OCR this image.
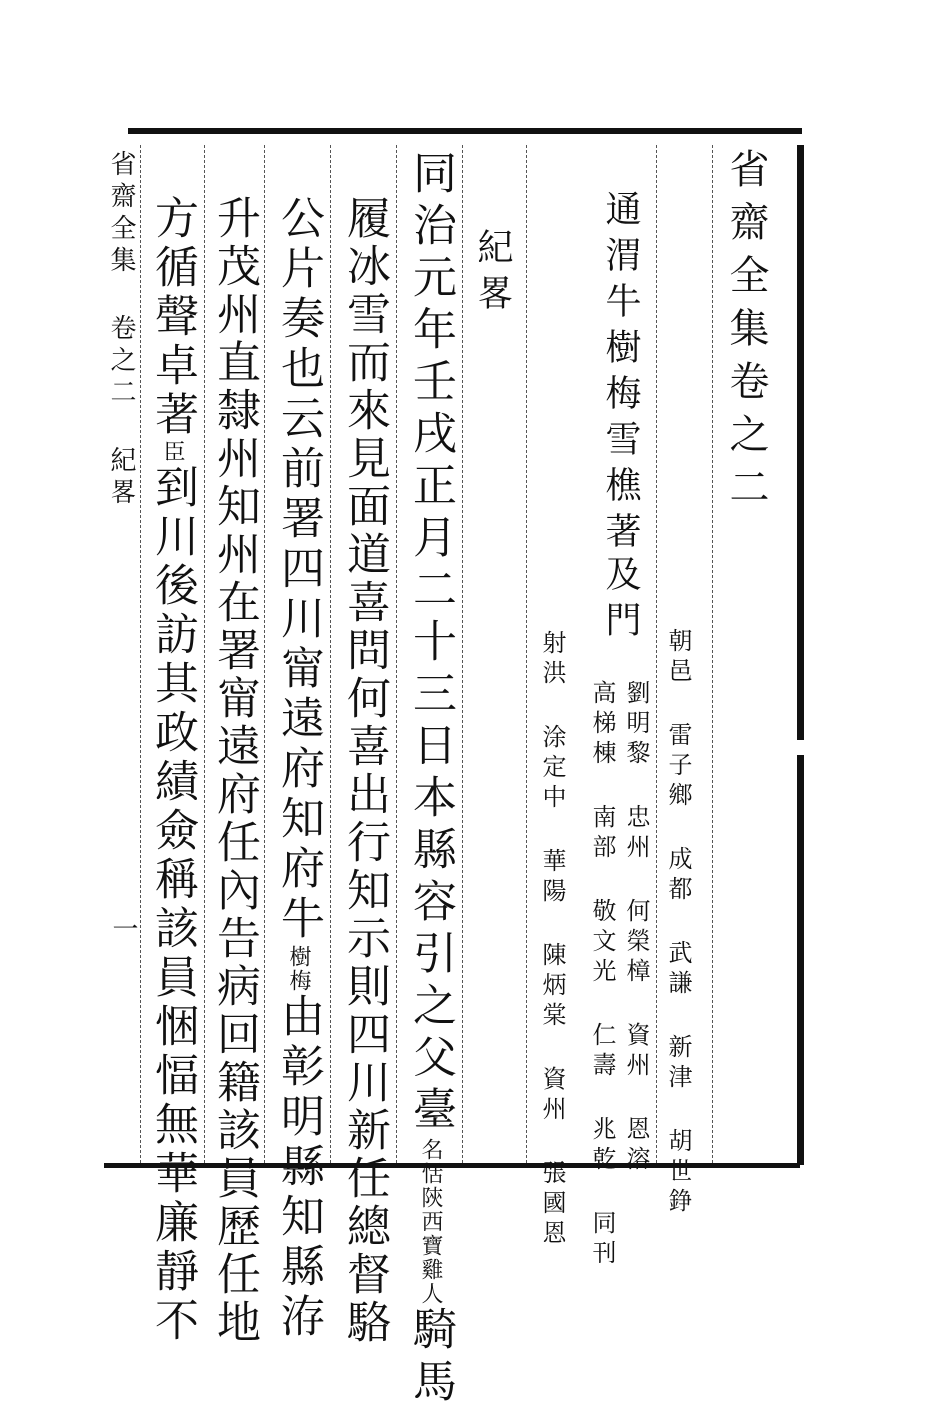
省齋全集卷之二
通渭牛樹梅雪樵著
及門
朝邑 雷子鄉 成都 武謙 新津 胡世錚
劉明黎 忠州 何榮樟 資州 恩溶
高梯棟 南部 敬文光 仁壽 兆乾 同刊
射洪 涂定中 華陽 陳炳棠 資州 張國恩
紀畧
同治元年壬戌正月二十三日本縣容引之父臺名恬陝西寶雞人騎馬
履冰雪而來見面道喜問何喜出行知示則四川新任總督駱
公片奏也云前署四川甯遠府知府牛樹梅由彰明縣知縣洊
升茂州直隸州知州在署甯遠府任內告病回籍該員歷任地
方循聲卓著臣到川後訪其政績僉稱該員悃愊無華廉靜不
省齋全集 卷之二 紀畧
一
